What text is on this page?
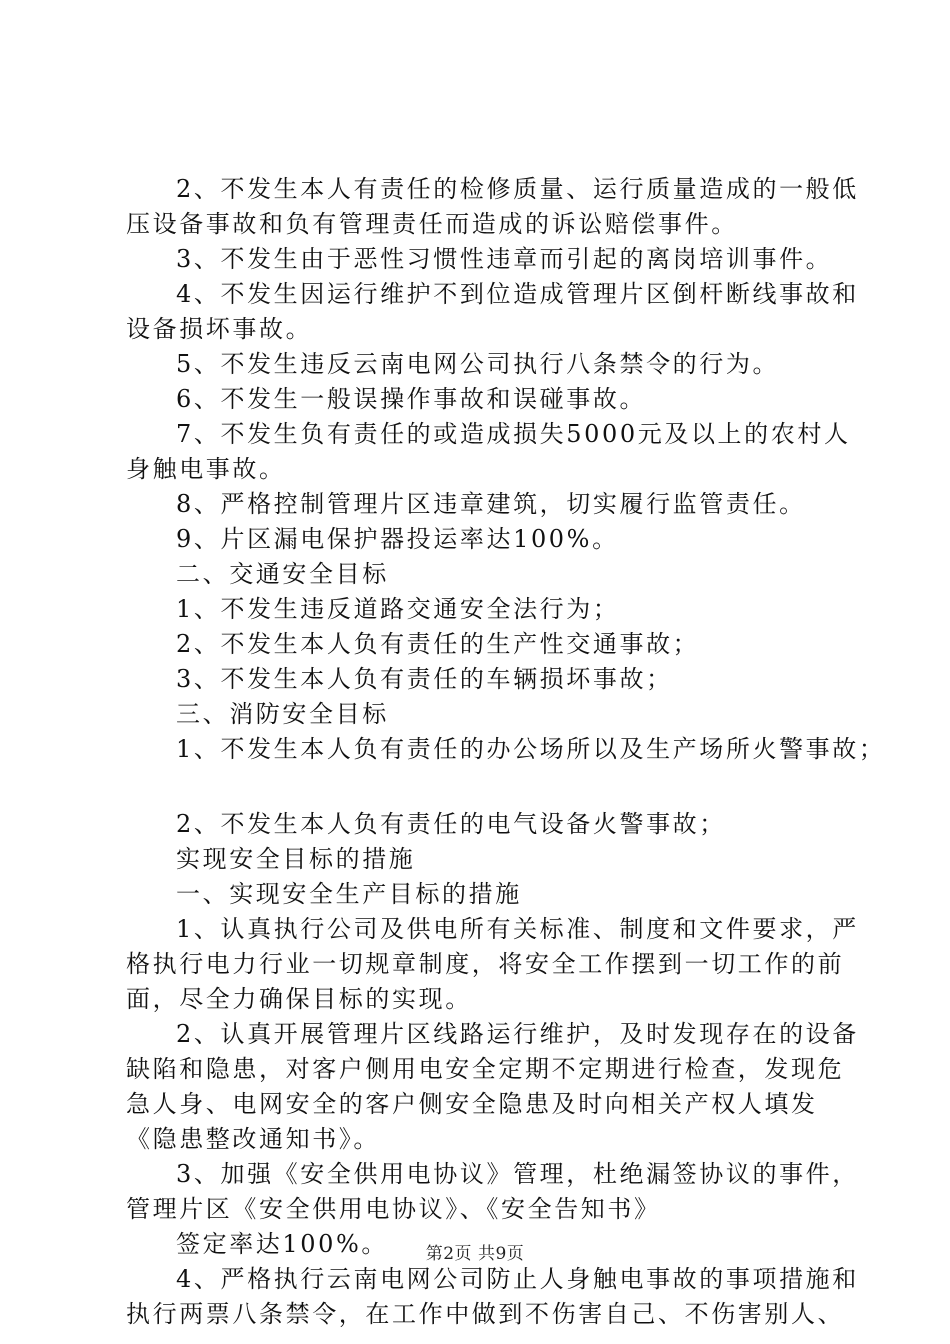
2、不发生本人有责任的检修质量、运行质量造成的一般低
压设备事故和负有管理责任而造成的诉讼赔偿事件。
3、不发生由于恶性习惯性违章而引起的离岗培训事件。
4、不发生因运行维护不到位造成管理片区倒杆断线事故和
设备损坏事故。
5、不发生违反云南电网公司执行八条禁令的行为。
6、不发生一般误操作事故和误碰事故。
7、不发生负有责任的或造成损失5000元及以上的农村人
身触电事故。
8、严格控制管理片区违章建筑，切实履行监管责任。
9、片区漏电保护器投运率达100%。
二、交通安全目标
1、不发生违反道路交通安全法行为；
2、不发生本人负有责任的生产性交通事故；
3、不发生本人负有责任的车辆损坏事故；
三、消防安全目标
1、不发生本人负有责任的办公场所以及生产场所火警事故；
2、不发生本人负有责任的电气设备火警事故；
实现安全目标的措施
一、实现安全生产目标的措施
1、认真执行公司及供电所有关标准、制度和文件要求，严
格执行电力行业一切规章制度，将安全工作摆到一切工作的前
面，尽全力确保目标的实现。
2、认真开展管理片区线路运行维护，及时发现存在的设备
缺陷和隐患，对客户侧用电安全定期不定期进行检查，发现危
急人身、电网安全的客户侧安全隐患及时向相关产权人填发
《隐患整改通知书》。
3、加强《安全供用电协议》管理，杜绝漏签协议的事件，
管理片区《安全供用电协议》、《安全告知书》
签定率达100%。
4、严格执行云南电网公司防止人身触电事故的事项措施和
执行两票八条禁令，在工作中做到不伤害自己、不伤害别人、
第2页 共9页
